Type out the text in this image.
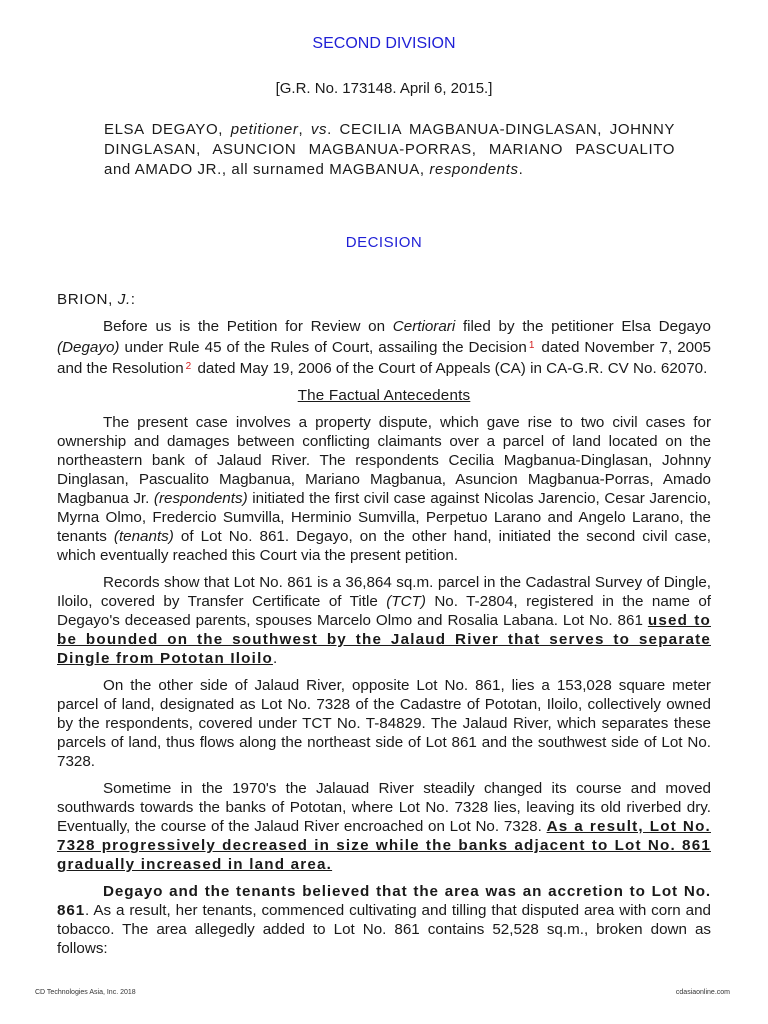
SECOND DIVISION
[G.R. No. 173148. April 6, 2015.]
ELSA DEGAYO, petitioner, vs. CECILIA MAGBANUA-DINGLASAN, JOHNNY DINGLASAN, ASUNCION MAGBANUA-PORRAS, MARIANO PASCUALITO and AMADO JR., all surnamed MAGBANUA, respondents.
DECISION
BRION, J.:

Before us is the Petition for Review on Certiorari filed by the petitioner Elsa Degayo (Degayo) under Rule 45 of the Rules of Court, assailing the Decision $^1$ dated November 7, 2005 and the Resolution $^2$ dated May 19, 2006 of the Court of Appeals (CA) in CA-G.R. CV No. 62070.

The Factual Antecedents

The present case involves a property dispute, which gave rise to two civil cases for ownership and damages between conflicting claimants over a parcel of land located on the northeastern bank of Jalaud River. The respondents Cecilia Magbanua-Dinglasan, Johnny Dinglasan, Pascualito Magbanua, Mariano Magbanua, Asuncion Magbanua-Porras, Amado Magbanua Jr. (respondents) initiated the first civil case against Nicolas Jarencio, Cesar Jarencio, Myrna Olmo, Fredercio Sumvilla, Herminio Sumvilla, Perpetuo Larano and Angelo Larano, the tenants (tenants) of Lot No. 861. Degayo, on the other hand, initiated the second civil case, which eventually reached this Court via the present petition.

Records show that Lot No. 861 is a 36,864 sq.m. parcel in the Cadastral Survey of Dingle, Iloilo, covered by Transfer Certificate of Title (TCT) No. T-2804, registered in the name of Degayo's deceased parents, spouses Marcelo Olmo and Rosalia Labana. Lot No. 861 used to be bounded on the southwest by the Jalaud River that serves to separate Dingle from Pototan Iloilo.

On the other side of Jalaud River, opposite Lot No. 861, lies a 153,028 square meter parcel of land, designated as Lot No. 7328 of the Cadastre of Pototan, Iloilo, collectively owned by the respondents, covered under TCT No. T-84829. The Jalaud River, which separates these parcels of land, thus flows along the northeast side of Lot 861 and the southwest side of Lot No. 7328.

Sometime in the 1970's the Jalauad River steadily changed its course and moved southwards towards the banks of Pototan, where Lot No. 7328 lies, leaving its old riverbed dry. Eventually, the course of the Jalaud River encroached on Lot No. 7328. As a result, Lot No. 7328 progressively decreased in size while the banks adjacent to Lot No. 861 gradually increased in land area.

Degayo and the tenants believed that the area was an accretion to Lot No. 861. As a result, her tenants, commenced cultivating and tilling that disputed area with corn and tobacco. The area allegedly added to Lot No. 861 contains 52,528 sq.m., broken down as follows:

CD Technologies Asia, Inc. 2018	cdasiaonline.com
